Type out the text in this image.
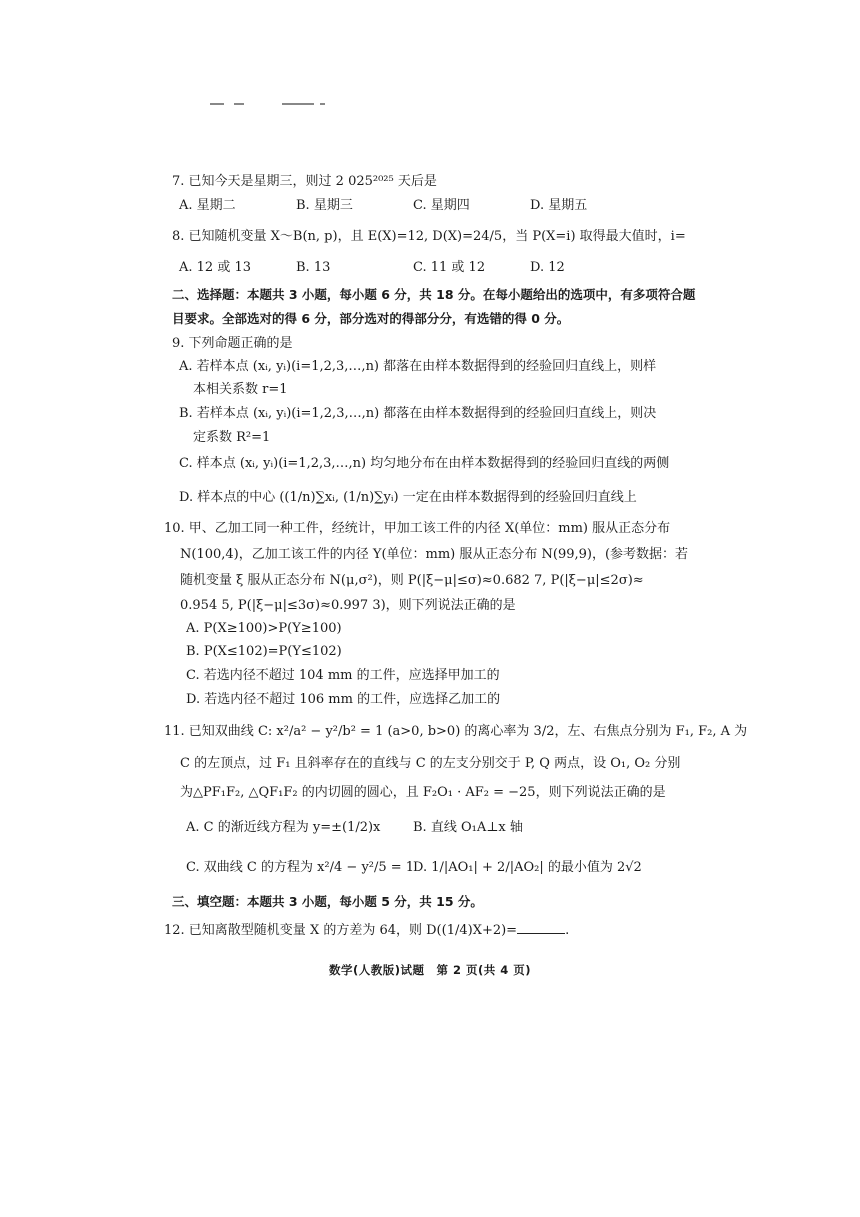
7. 已知今天是星期三，则过 2 025²⁰²⁵ 天后是
A. 星期二	B. 星期三	C. 星期四	D. 星期五
8. 已知随机变量 X～B(n, p)，且 E(X)=12, D(X)=24/5，当 P(X=i) 取得最大值时，i=
A. 12 或 13	B. 13	C. 11 或 12	D. 12
二、选择题：本题共 3 小题，每小题 6 分，共 18 分。在每小题给出的选项中，有多项符合题
目要求。全部选对的得 6 分，部分选对的得部分分，有选错的得 0 分。
9. 下列命题正确的是
A. 若样本点 (xᵢ, yᵢ)(i=1,2,3,…,n) 都落在由样本数据得到的经验回归直线上，则样
本相关系数 r=1
B. 若样本点 (xᵢ, yᵢ)(i=1,2,3,…,n) 都落在由样本数据得到的经验回归直线上，则决
定系数 R²=1
C. 样本点 (xᵢ, yᵢ)(i=1,2,3,…,n) 均匀地分布在由样本数据得到的经验回归直线的两侧
D. 样本点的中心 ((1/n)∑xᵢ, (1/n)∑yᵢ) 一定在由样本数据得到的经验回归直线上
10. 甲、乙加工同一种工件，经统计，甲加工该工件的内径 X(单位：mm) 服从正态分布
N(100,4)，乙加工该工件的内径 Y(单位：mm) 服从正态分布 N(99,9)，(参考数据：若
随机变量 ξ 服从正态分布 N(μ,σ²)，则 P(|ξ−μ|≤σ)≈0.682 7, P(|ξ−μ|≤2σ)≈
0.954 5, P(|ξ−μ|≤3σ)≈0.997 3)，则下列说法正确的是
A. P(X≥100)>P(Y≥100)
B. P(X≤102)=P(Y≤102)
C. 若选内径不超过 104 mm 的工件，应选择甲加工的
D. 若选内径不超过 106 mm 的工件，应选择乙加工的
11. 已知双曲线 C: x²/a² − y²/b² = 1 (a>0, b>0) 的离心率为 3/2，左、右焦点分别为 F₁, F₂, A 为
C 的左顶点，过 F₁ 且斜率存在的直线与 C 的左支分别交于 P, Q 两点，设 O₁, O₂ 分别
为△PF₁F₂, △QF₁F₂ 的内切圆的圆心，且 F₂O₁ · AF₂ = −25，则下列说法正确的是
A. C 的渐近线方程为 y=±(1/2)x	B. 直线 O₁A⊥x 轴
C. 双曲线 C 的方程为 x²/4 − y²/5 = 1
D. 1/|AO₁| + 2/|AO₂| 的最小值为 2√2
三、填空题：本题共 3 小题，每小题 5 分，共 15 分。
12. 已知离散型随机变量 X 的方差为 64，则 D((1/4)X+2)=	.
数学(人教版)试题　第 2 页(共 4 页)
